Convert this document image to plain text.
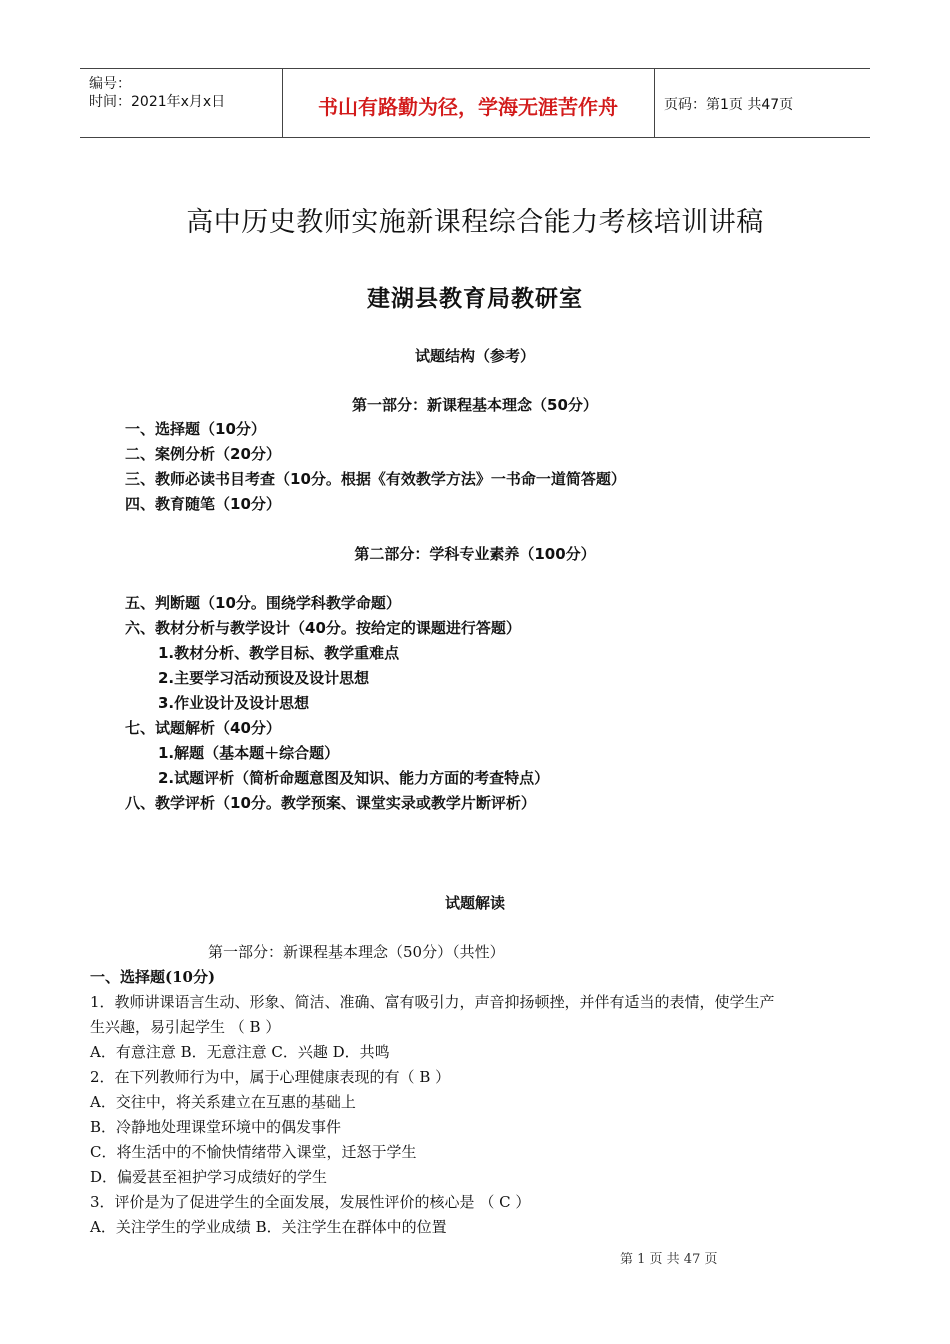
编号：
时间：2021年x月x日	书山有路勤为径，学海无涯苦作舟	页码：第1页 共47页
高中历史教师实施新课程综合能力考核培训讲稿
建湖县教育局教研室
试题结构（参考）
第一部分：新课程基本理念（50分）
一、选择题（10分）
二、案例分析（20分）
三、教师必读书目考查（10分。根据《有效教学方法》一书命一道简答题）
四、教育随笔（10分）
第二部分：学科专业素养（100分）
五、判断题（10分。围绕学科教学命题）
六、教材分析与教学设计（40分。按给定的课题进行答题）
1.教材分析、教学目标、教学重难点
2.主要学习活动预设及设计思想
3.作业设计及设计思想
七、试题解析（40分）
1.解题（基本题＋综合题）
2.试题评析（简析命题意图及知识、能力方面的考查特点）
八、教学评析（10分。教学预案、课堂实录或教学片断评析）
试题解读
第一部分：新课程基本理念（50分）（共性）
一、选择题(10分)
1．教师讲课语言生动、形象、简洁、准确、富有吸引力，声音抑扬顿挫，并伴有适当的表情，使学生产
生兴趣，易引起学生 （ B ）
A．有意注意 B．无意注意 C．兴趣 D．共鸣
2．在下列教师行为中，属于心理健康表现的有（ B ）
A．交往中，将关系建立在互惠的基础上
B．冷静地处理课堂环境中的偶发事件
C．将生活中的不愉快情绪带入课堂，迁怒于学生
D．偏爱甚至袒护学习成绩好的学生
3．评价是为了促进学生的全面发展，发展性评价的核心是 （ C ）
A．关注学生的学业成绩 B．关注学生在群体中的位置
第 1 页 共 47 页
